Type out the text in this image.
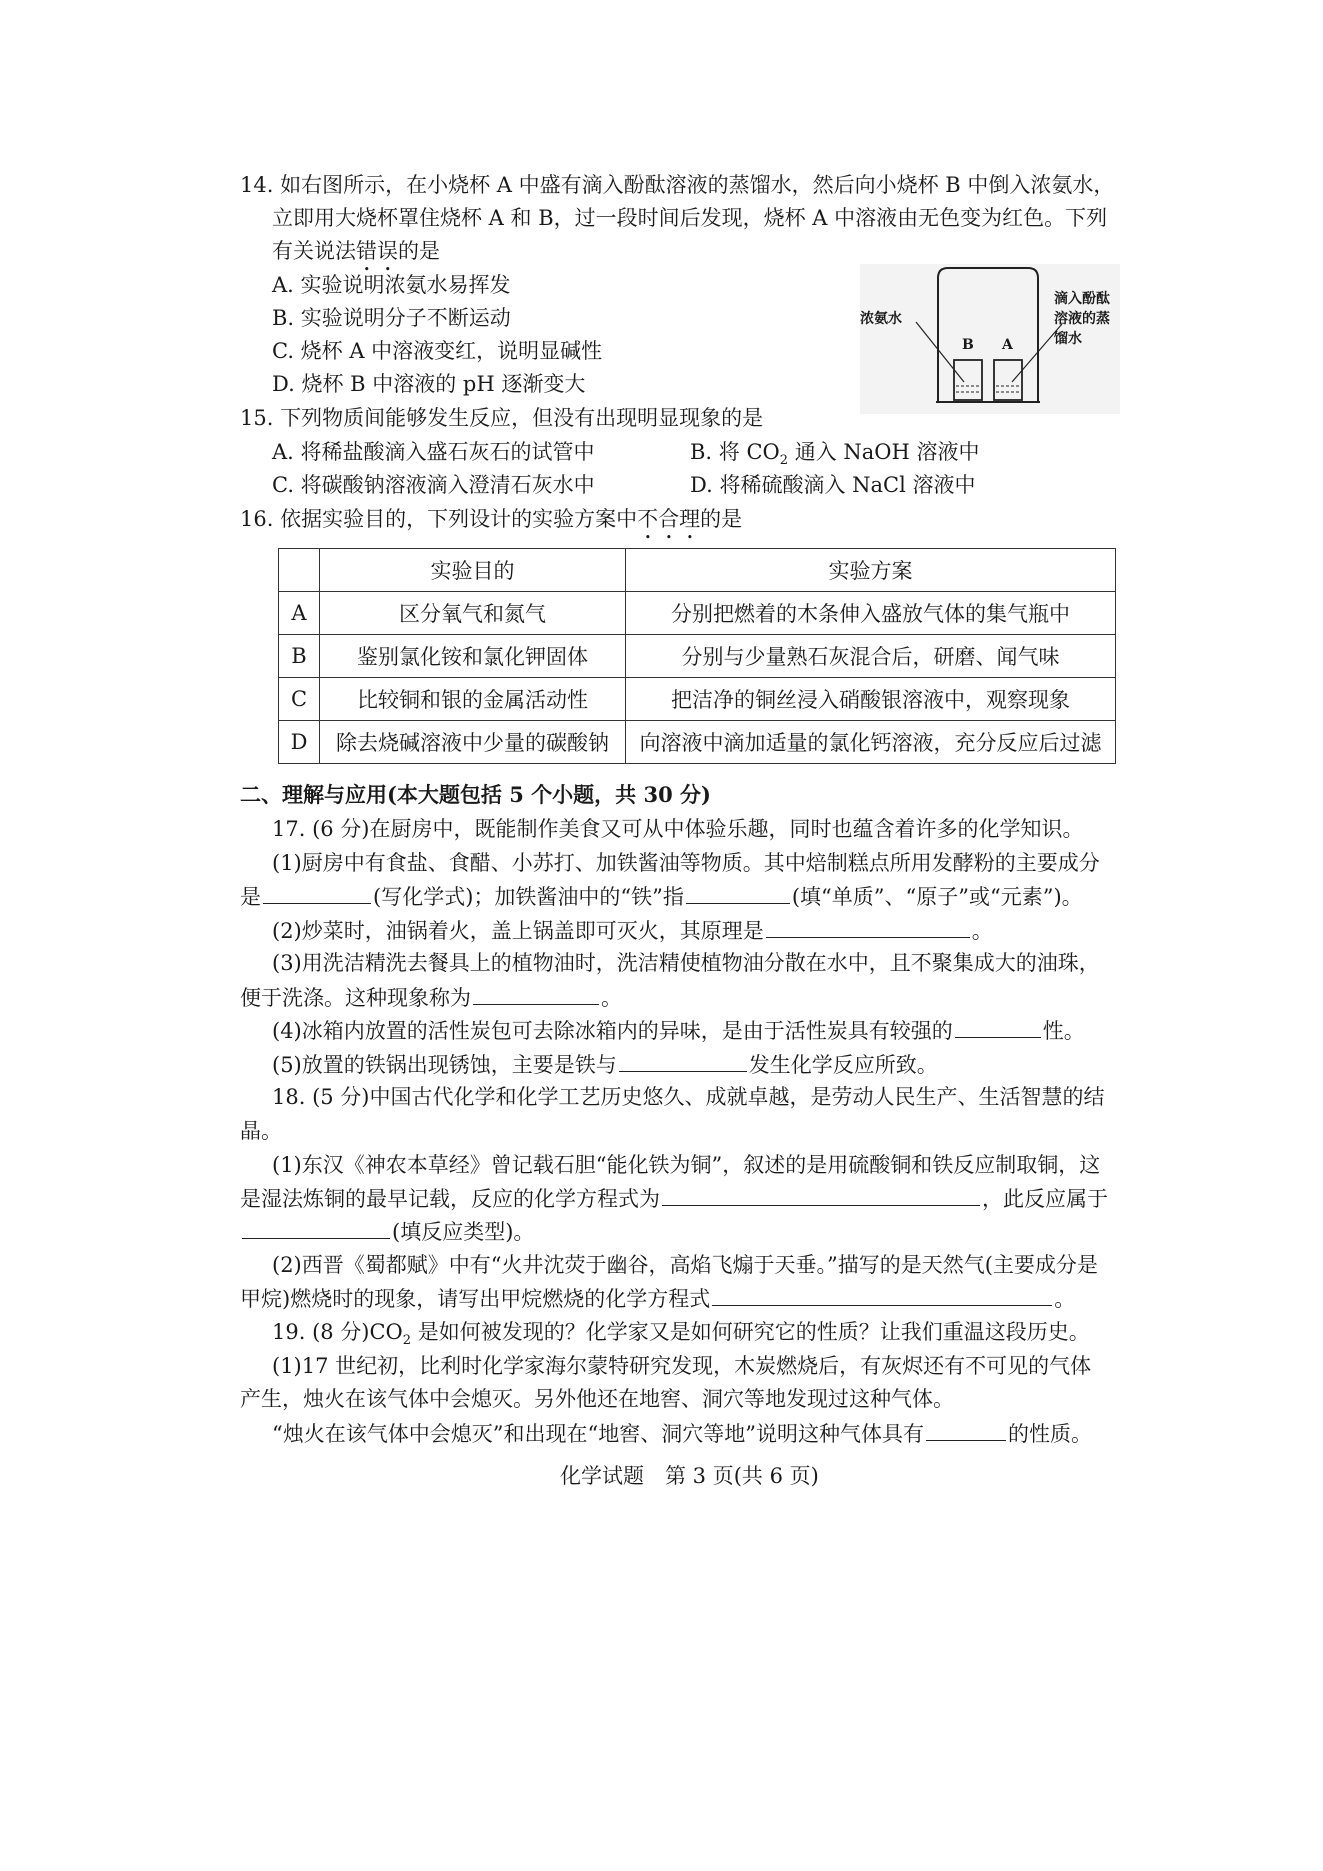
14. 如右图所示，在小烧杯 A 中盛有滴入酚酞溶液的蒸馏水，然后向小烧杯 B 中倒入浓氨水，
立即用大烧杯罩住烧杯 A 和 B，过一段时间后发现，烧杯 A 中溶液由无色变为红色。下列
有关说法错误的是
A. 实验说明浓氨水易挥发
B. 实验说明分子不断运动
C. 烧杯 A 中溶液变红，说明显碱性
D. 烧杯 B 中溶液的 pH 逐渐变大
浓氨水
B A
滴入酚酞
溶液的蒸
馏水
15. 下列物质间能够发生反应，但没有出现明显现象的是
A. 将稀盐酸滴入盛石灰石的试管中	B. 将 $CO_2$ 通入 NaOH 溶液中
C. 将碳酸钠溶液滴入澄清石灰水中	D. 将稀硫酸滴入 NaCl 溶液中
16. 依据实验目的，下列设计的实验方案中不合理的是
	实验目的	实验方案
A	区分氧气和氮气	分别把燃着的木条伸入盛放气体的集气瓶中
B	鉴别氯化铵和氯化钾固体	分别与少量熟石灰混合后，研磨、闻气味
C	比较铜和银的金属活动性	把洁净的铜丝浸入硝酸银溶液中，观察现象
D	除去烧碱溶液中少量的碳酸钠	向溶液中滴加适量的氯化钙溶液，充分反应后过滤
二、理解与应用(本大题包括 5 个小题，共 30 分)
17. (6 分)在厨房中，既能制作美食又可从中体验乐趣，同时也蕴含着许多的化学知识。
(1)厨房中有食盐、食醋、小苏打、加铁酱油等物质。其中焙制糕点所用发酵粉的主要成分
是	(写化学式)；加铁酱油中的“铁”指	(填“单质”、“原子”或“元素”)。
(2)炒菜时，油锅着火，盖上锅盖即可灭火，其原理是	。
(3)用洗洁精洗去餐具上的植物油时，洗洁精使植物油分散在水中，且不聚集成大的油珠，
便于洗涤。这种现象称为	。
(4)冰箱内放置的活性炭包可去除冰箱内的异味，是由于活性炭具有较强的	性。
(5)放置的铁锅出现锈蚀，主要是铁与	发生化学反应所致。
18. (5 分)中国古代化学和化学工艺历史悠久、成就卓越，是劳动人民生产、生活智慧的结
晶。
(1)东汉《神农本草经》曾记载石胆“能化铁为铜”，叙述的是用硫酸铜和铁反应制取铜，这
是湿法炼铜的最早记载，反应的化学方程式为	，此反应属于
(填反应类型)。
(2)西晋《蜀都赋》中有“火井沈荧于幽谷，高焰飞煽于天垂。”描写的是天然气(主要成分是
甲烷)燃烧时的现象，请写出甲烷燃烧的化学方程式	。
19. (8 分)$CO_2$ 是如何被发现的？化学家又是如何研究它的性质？让我们重温这段历史。
(1)17 世纪初，比利时化学家海尔蒙特研究发现，木炭燃烧后，有灰烬还有不可见的气体
产生，烛火在该气体中会熄灭。另外他还在地窖、洞穴等地发现过这种气体。
“烛火在该气体中会熄灭”和出现在“地窖、洞穴等地”说明这种气体具有	的性质。
化学试题　第 3 页(共 6 页)
